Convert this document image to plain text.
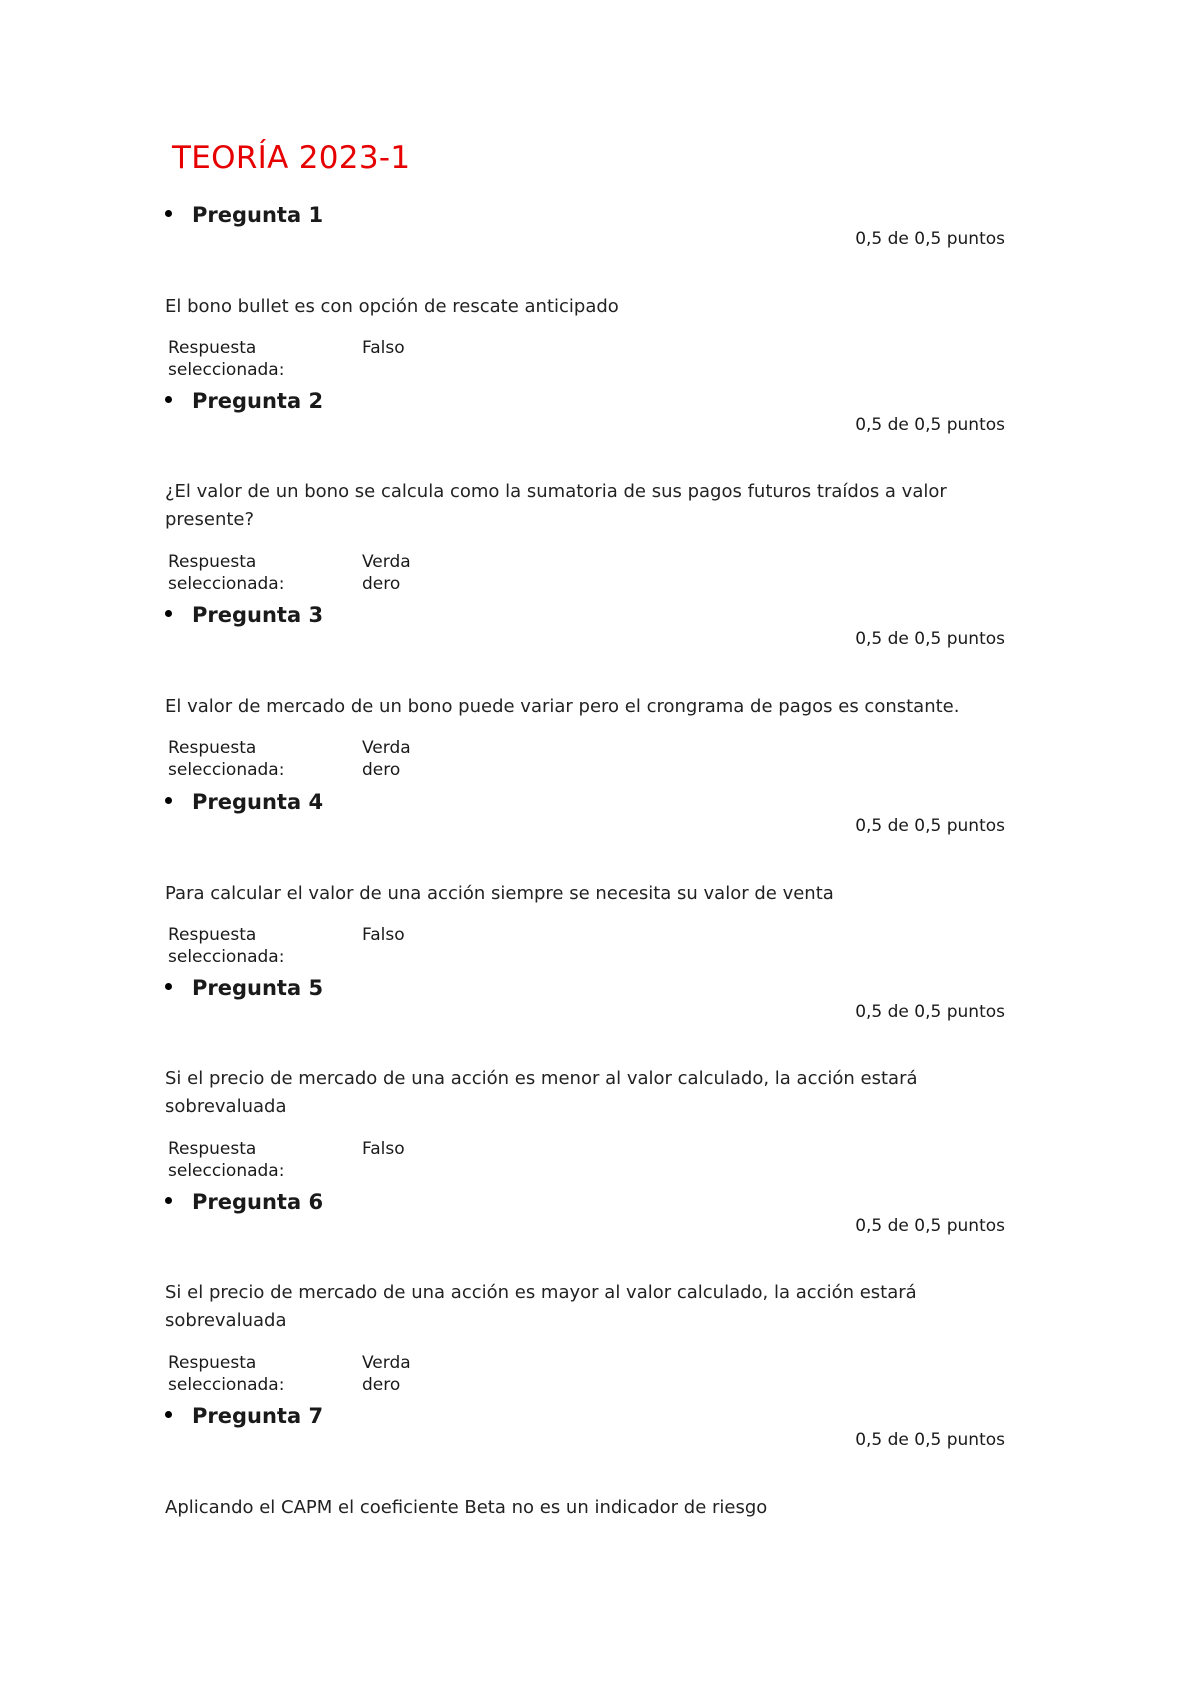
TEORÍA 2023-1
Pregunta 1
0,5 de 0,5 puntos
El bono bullet es con opción de rescate anticipado
Respuesta seleccionada:
Falso
Pregunta 2
0,5 de 0,5 puntos
¿El valor de un bono se calcula como la sumatoria de sus pagos futuros traídos a valor presente?
Respuesta seleccionada:
Verdadero
Pregunta 3
0,5 de 0,5 puntos
El valor de mercado de un bono puede variar pero el crongrama de pagos es constante.
Respuesta seleccionada:
Verdadero
Pregunta 4
0,5 de 0,5 puntos
Para calcular el valor de una acción siempre se necesita su valor de venta
Respuesta seleccionada:
Falso
Pregunta 5
0,5 de 0,5 puntos
Si el precio de mercado de una acción es menor al valor calculado, la acción estará sobrevaluada
Respuesta seleccionada:
Falso
Pregunta 6
0,5 de 0,5 puntos
Si el precio de mercado de una acción es mayor al valor calculado, la acción estará sobrevaluada
Respuesta seleccionada:
Verdadero
Pregunta 7
0,5 de 0,5 puntos
Aplicando el CAPM el coeficiente Beta no es un indicador de riesgo
